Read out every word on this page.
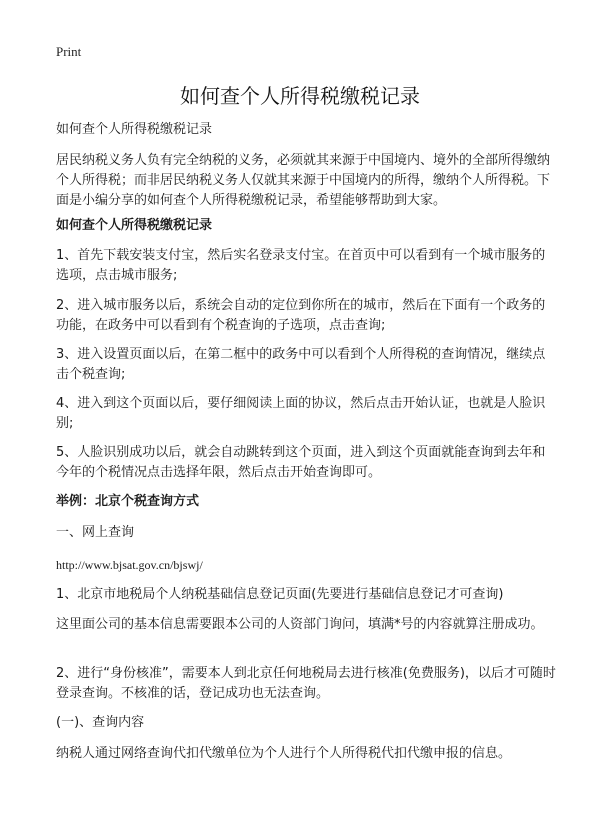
Print
如何查个人所得税缴税记录

如何查个人所得税缴税记录

居民纳税义务人负有完全纳税的义务，必须就其来源于中国境内、境外的全部所得缴纳个人所得税；而非居民纳税义务人仅就其来源于中国境内的所得，缴纳个人所得税。下面是小编分享的如何查个人所得税缴税记录，希望能够帮助到大家。

如何查个人所得税缴税记录

1、首先下载安装支付宝，然后实名登录支付宝。在首页中可以看到有一个城市服务的选项，点击城市服务;

2、进入城市服务以后，系统会自动的定位到你所在的城市，然后在下面有一个政务的功能，在政务中可以看到有个税查询的子选项，点击查询;

3、进入设置页面以后，在第二框中的政务中可以看到个人所得税的查询情况，继续点击个税查询;

4、进入到这个页面以后，要仔细阅读上面的协议，然后点击开始认证，也就是人脸识别;

5、人脸识别成功以后，就会自动跳转到这个页面，进入到这个页面就能查询到去年和今年的个税情况点击选择年限，然后点击开始查询即可。

举例：北京个税查询方式

一、网上查询

http://www.bjsat.gov.cn/bjswj/

1、北京市地税局个人纳税基础信息登记页面(先要进行基础信息登记才可查询)

这里面公司的基本信息需要跟本公司的人资部门询问，填满*号的内容就算注册成功。

2、进行“身份核准”，需要本人到北京任何地税局去进行核准(免费服务)，以后才可随时登录查询。不核准的话，登记成功也无法查询。

(一)、查询内容

纳税人通过网络查询代扣代缴单位为个人进行个人所得税代扣代缴申报的信息。
